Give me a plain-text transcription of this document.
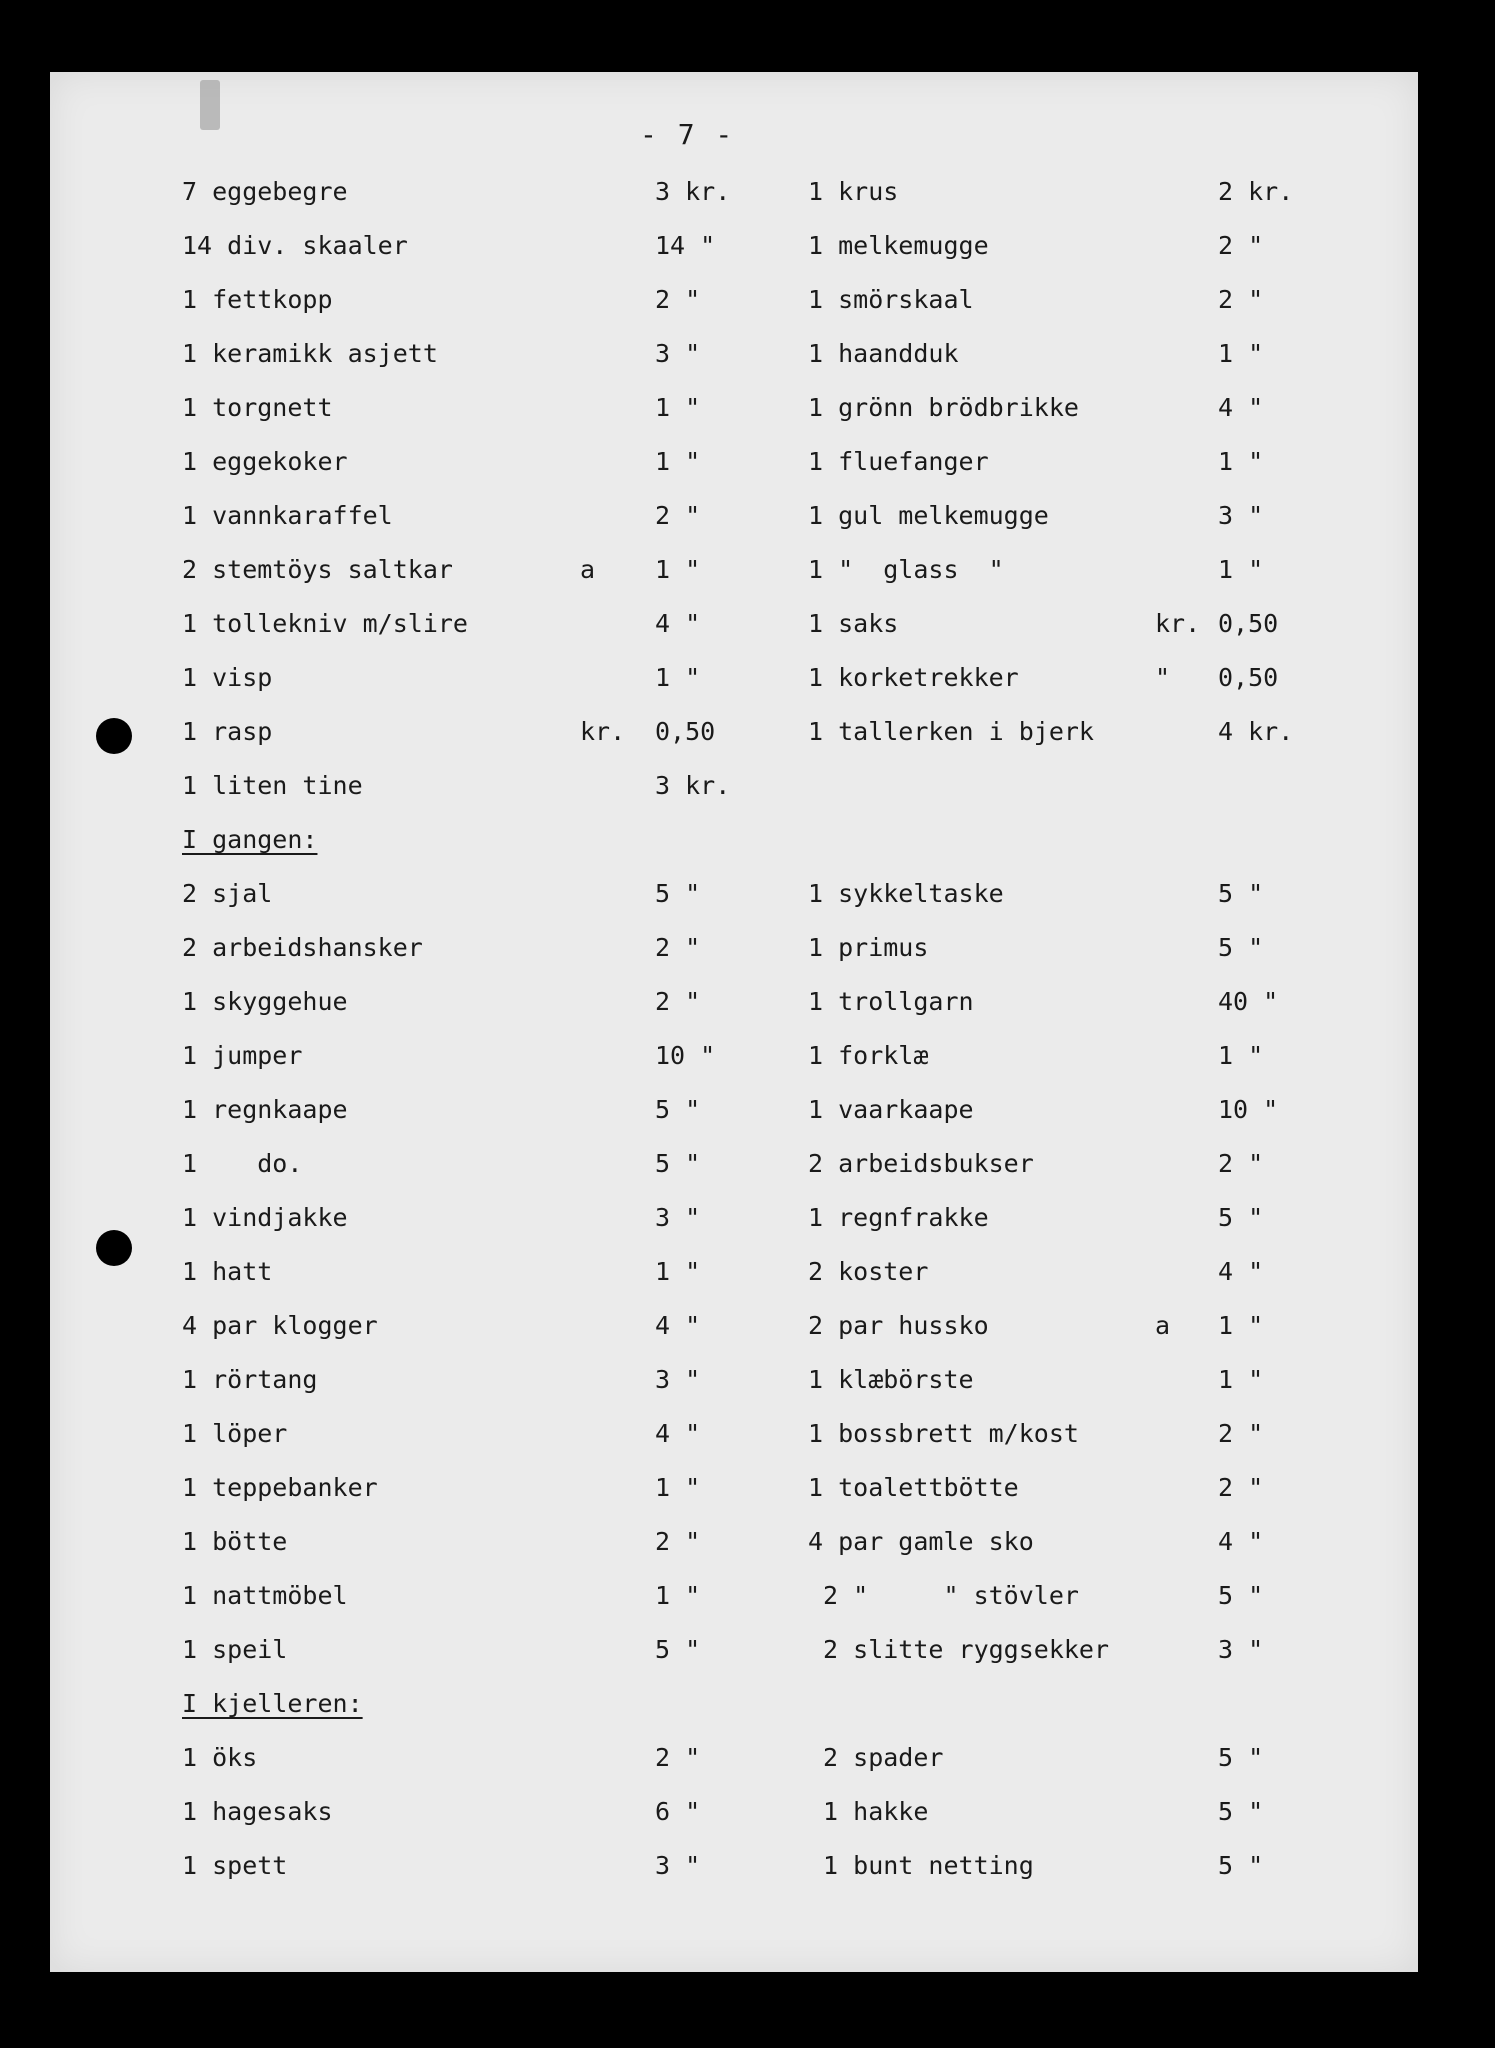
- 7 -
7 eggebegre	3 kr.	1 krus	2 kr.
14 div. skaaler	14 "	1 melkemugge	2 "
1 fettkopp	2 "	1 smörskaal	2 "
1 keramikk asjett	3 "	1 haandduk	1 "
1 torgnett	1 "	1 grönn brödbrikke	4 "
1 eggekoker	1 "	1 fluefanger	1 "
1 vannkaraffel	2 "	1 gul melkemugge	3 "
2 stemtöys saltkar	a 1 "	1 "  glass  "	1 "
1 tollekniv m/slire	4 "	1 saks	kr. 0,50
1 visp	1 "	1 korketrekker	" 0,50
1 rasp	kr. 0,50	1 tallerken i bjerk	4 kr.
1 liten tine	3 kr.
I gangen:
2 sjal	5 "	1 sykkeltaske	5 "
2 arbeidshansker	2 "	1 primus	5 "
1 skyggehue	2 "	1 trollgarn	40 "
1 jumper	10 "	1 forklæ	1 "
1 regnkaape	5 "	1 vaarkaape	10 "
1    do.	5 "	2 arbeidsbukser	2 "
1 vindjakke	3 "	1 regnfrakke	5 "
1 hatt	1 "	2 koster	4 "
4 par klogger	4 "	2 par hussko	a 1 "
1 rörtang	3 "	1 klæbörste	1 "
1 löper	4 "	1 bossbrett m/kost	2 "
1 teppebanker	1 "	1 toalettbötte	2 "
1 bötte	2 "	4 par gamle sko	4 "
1 nattmöbel	1 "	2 "     " stövler	5 "
1 speil	5 "	2 slitte ryggsekker	3 "
I kjelleren:
1 öks	2 "	2 spader	5 "
1 hagesaks	6 "	1 hakke	5 "
1 spett	3 "	1 bunt netting	5 "
